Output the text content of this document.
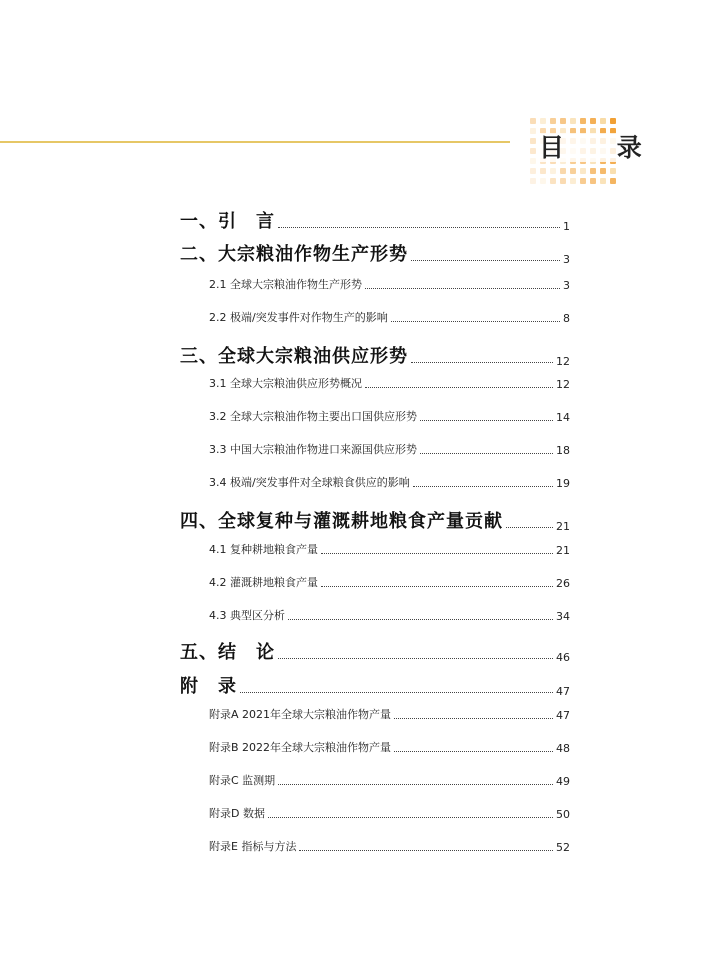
目 录
一、引　言	1
二、大宗粮油作物生产形势	3
2.1 全球大宗粮油作物生产形势	3
2.2 极端/突发事件对作物生产的影响	8
三、全球大宗粮油供应形势	12
3.1 全球大宗粮油供应形势概况	12
3.2 全球大宗粮油作物主要出口国供应形势	14
3.3 中国大宗粮油作物进口来源国供应形势	18
3.4 极端/突发事件对全球粮食供应的影响	19
四、全球复种与灌溉耕地粮食产量贡献	21
4.1 复种耕地粮食产量	21
4.2 灌溉耕地粮食产量	26
4.3 典型区分析	34
五、结　论	46
附　录	47
附录A 2021年全球大宗粮油作物产量	47
附录B 2022年全球大宗粮油作物产量	48
附录C 监测期	49
附录D 数据	50
附录E 指标与方法	52
